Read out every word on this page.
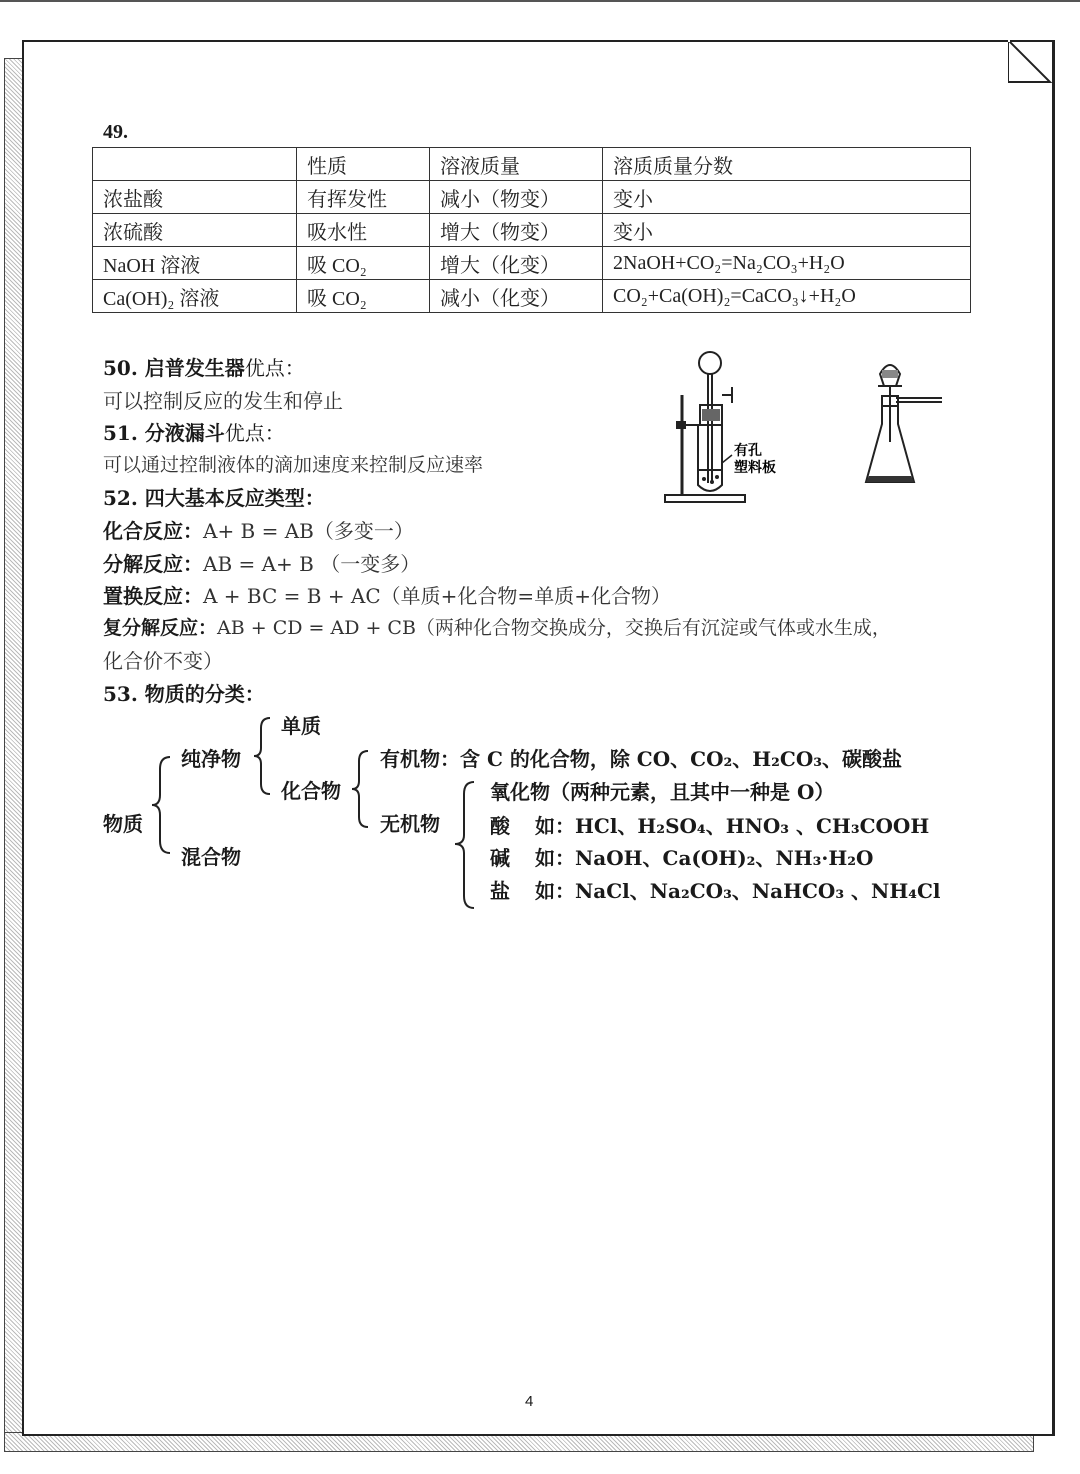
49.
	性质	溶液质量	溶质质量分数
浓盐酸	有挥发性	减小（物变）	变小
浓硫酸	吸水性	增大（物变）	变小
NaOH 溶液	吸 CO₂	增大（化变）	2NaOH+CO₂=Na₂CO₃+H₂O
Ca(OH)₂ 溶液	吸 CO₂	减小（化变）	CO₂+Ca(OH)₂=CaCO₃↓+H₂O
50. 启普发生器优点：
可以控制反应的发生和停止
51. 分液漏斗优点：
可以通过控制液体的滴加速度来控制反应速率
有孔
塑料板
52. 四大基本反应类型：
化合反应：A+ B = AB（多变一）
分解反应：AB = A+ B （一变多）
置换反应：A + BC = B + AC（单质+化合物=单质+化合物）
复分解反应：AB + CD = AD + CB（两种化合物交换成分，交换后有沉淀或气体或水生成，
化合价不变）
53. 物质的分类：
物质
纯净物
混合物
单质
化合物
有机物：含 C 的化合物，除 CO、CO₂、H₂CO₃、碳酸盐
无机物
氧化物（两种元素，且其中一种是 O）
酸 如：HCl、H₂SO₄、HNO₃ 、CH₃COOH
碱 如：NaOH、Ca(OH)₂、NH₃·H₂O
盐 如：NaCl、Na₂CO₃、NaHCO₃ 、NH₄Cl
4
